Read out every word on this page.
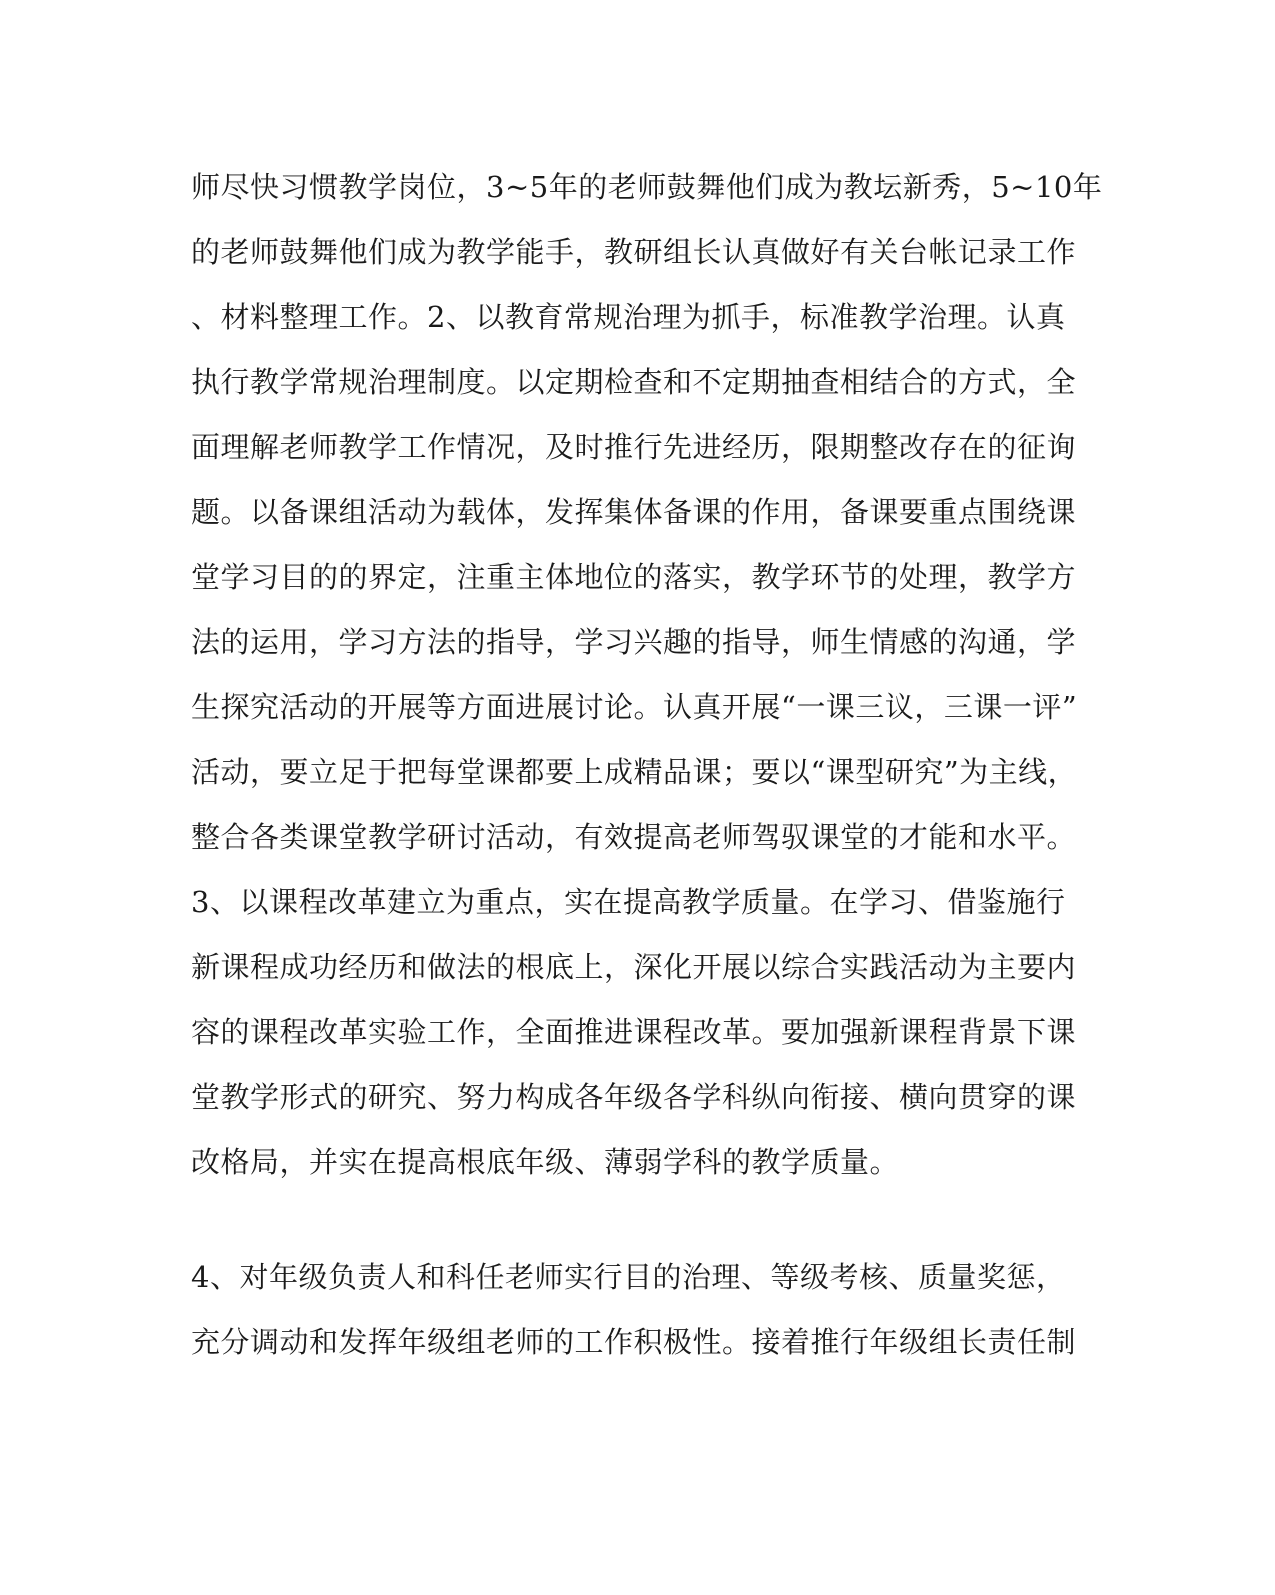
师尽快习惯教学岗位，3~5年的老师鼓舞他们成为教坛新秀，5~10年
的老师鼓舞他们成为教学能手，教研组长认真做好有关台帐记录工作
、材料整理工作。2、以教育常规治理为抓手，标准教学治理。认真
执行教学常规治理制度。以定期检查和不定期抽查相结合的方式，全
面理解老师教学工作情况，及时推行先进经历，限期整改存在的征询
题。以备课组活动为载体，发挥集体备课的作用，备课要重点围绕课
堂学习目的的界定，注重主体地位的落实，教学环节的处理，教学方
法的运用，学习方法的指导，学习兴趣的指导，师生情感的沟通，学
生探究活动的开展等方面进展讨论。认真开展“一课三议，三课一评”
活动，要立足于把每堂课都要上成精品课；要以“课型研究”为主线，
整合各类课堂教学研讨活动，有效提高老师驾驭课堂的才能和水平。
3、以课程改革建立为重点，实在提高教学质量。在学习、借鉴施行
新课程成功经历和做法的根底上，深化开展以综合实践活动为主要内
容的课程改革实验工作，全面推进课程改革。要加强新课程背景下课
堂教学形式的研究、努力构成各年级各学科纵向衔接、横向贯穿的课
改格局，并实在提高根底年级、薄弱学科的教学质量。
4、对年级负责人和科任老师实行目的治理、等级考核、质量奖惩，
充分调动和发挥年级组老师的工作积极性。接着推行年级组长责任制
